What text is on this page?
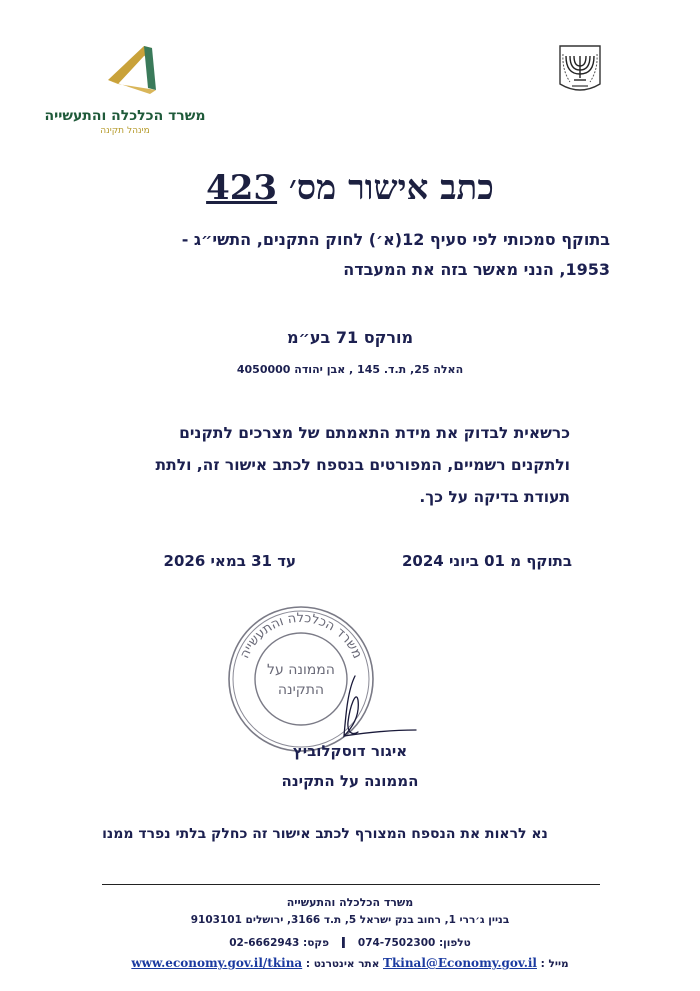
משרד הכלכלה והתעשייה
מינהל תקינה
כתב אישור מס׳ 423
בתוקף סמכותי לפי סעיף 12(א׳) לחוק התקנים, התשי״ג -
1953, הנני מאשר בזה את המעבדה
מורקס 71 בע״מ
האלה 25, ת.ד. 145 , אבן יהודה 4050000
כרשאית לבדוק את מידת התאמתם של מצרכים לתקנים
ולתקנים רשמיים, המפורטים בנספח לכתב אישור זה, ולתת
תעודת בדיקה על כך.
בתוקף מ 01 ביוני 2024
עד 31 במאי 2026
משרד הכלכלה והתעשייה
הממונה על
התקינה
איגור דוסקלוביץ
הממונה על התקינה
נא לראות את הנספח המצורף לכתב אישור זה כחלק בלתי נפרד ממנו
משרד הכלכלה והתעשייה
בניין ג׳ררי 1, רחוב בנק ישראל 5, ת.ד 3166, ירושלים 9103101
טלפון: 074-7502300 I פקס: 02-6662943
מייל : Tkinal@Economy.gov.il אתר אינטרנט : www.economy.gov.il/tkina
